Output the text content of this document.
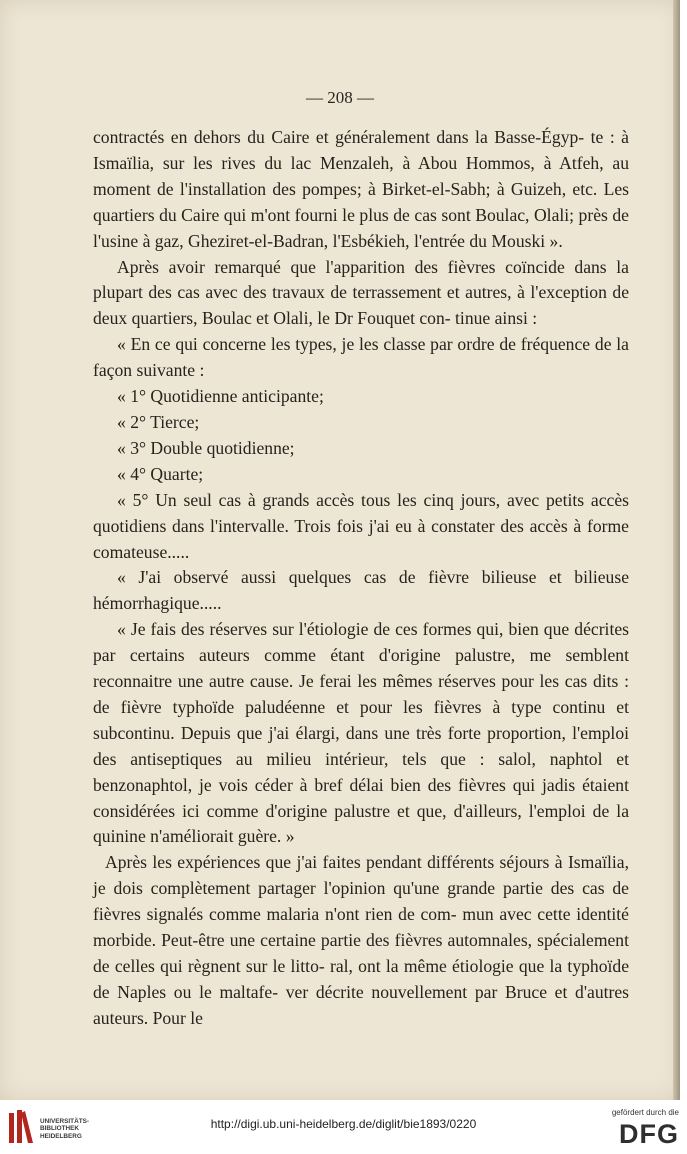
— 208 —

contractés en dehors du Caire et généralement dans la Basse-Égyp- te : à Ismaïlia, sur les rives du lac Menzaleh, à Abou Hommos, à Atfeh, au moment de l'installation des pompes; à Birket-el-Sabh; à Guizeh, etc. Les quartiers du Caire qui m'ont fourni le plus de cas sont Boulac, Olali; près de l'usine à gaz, Gheziret-el-Badran, l'Esbékieh, l'entrée du Mouski ».

Après avoir remarqué que l'apparition des fièvres coïncide dans la plupart des cas avec des travaux de terrassement et autres, à l'exception de deux quartiers, Boulac et Olali, le Dr Fouquet con- tinue ainsi :

« En ce qui concerne les types, je les classe par ordre de fréquence de la façon suivante :

« 1° Quotidienne anticipante;

« 2° Tierce;

« 3° Double quotidienne;

« 4° Quarte;

« 5° Un seul cas à grands accès tous les cinq jours, avec petits accès quotidiens dans l'intervalle. Trois fois j'ai eu à constater des accès à forme comateuse.....

« J'ai observé aussi quelques cas de fièvre bilieuse et bilieuse hémorrhagique.....

« Je fais des réserves sur l'étiologie de ces formes qui, bien que décrites par certains auteurs comme étant d'origine palustre, me semblent reconnaitre une autre cause. Je ferai les mêmes réserves pour les cas dits : de fièvre typhoïde paludéenne et pour les fièvres à type continu et subcontinu. Depuis que j'ai élargi, dans une très forte proportion, l'emploi des antiseptiques au milieu intérieur, tels que : salol, naphtol et benzonaphtol, je vois céder à bref délai bien des fièvres qui jadis étaient considérées ici comme d'origine palustre et que, d'ailleurs, l'emploi de la quinine n'améliorait guère. »

Après les expériences que j'ai faites pendant différents séjours à Ismaïlia, je dois complètement partager l'opinion qu'une grande partie des cas de fièvres signalés comme malaria n'ont rien de com- mun avec cette identité morbide. Peut-être une certaine partie des fièvres automnales, spécialement de celles qui règnent sur le litto- ral, ont la même étiologie que la typhoïde de Naples ou le maltafe- ver décrite nouvellement par Bruce et d'autres auteurs. Pour le

UNIVERSITÄTS-
BIBLIOTHEK
HEIDELBERG
http://digi.ub.uni-heidelberg.de/diglit/bie1893/0220
gefördert durch die
DFG
